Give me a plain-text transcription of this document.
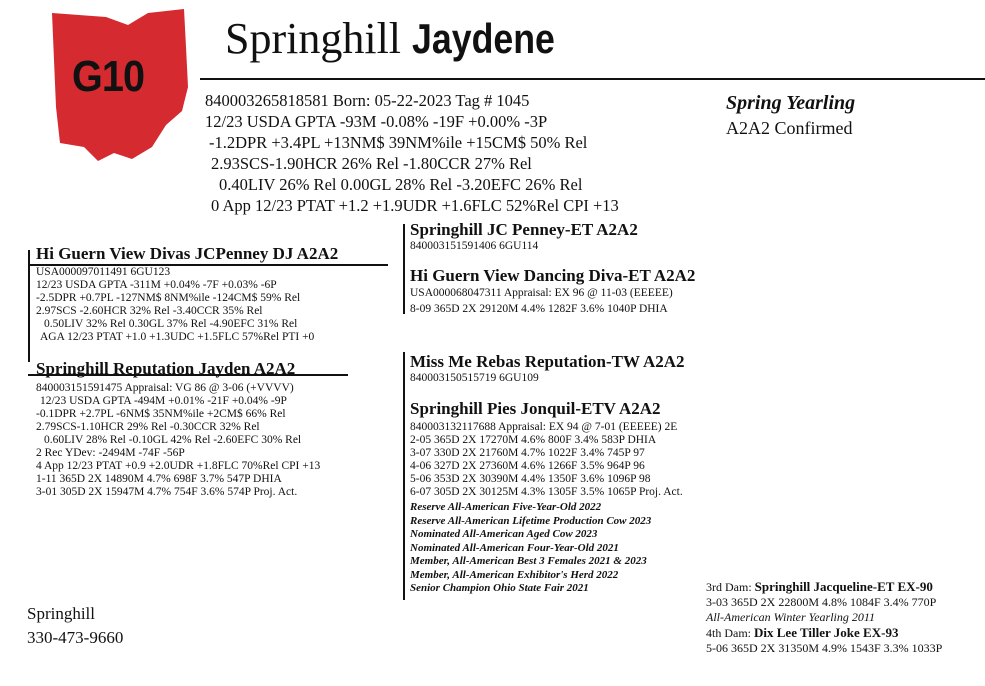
G10
Springhill Jaydene
840003265818581 Born: 05-22-2023 Tag # 1045
12/23 USDA GPTA -93M -0.08% -19F +0.00% -3P
-1.2DPR +3.4PL +13NM$ 39NM%ile +15CM$ 50% Rel
2.93SCS-1.90HCR 26% Rel -1.80CCR 27% Rel
0.40LIV 26% Rel 0.00GL 28% Rel -3.20EFC 26% Rel
0 App 12/23 PTAT +1.2 +1.9UDR +1.6FLC 52%Rel CPI +13
Spring Yearling
A2A2 Confirmed
Hi Guern View Divas JCPenney DJ A2A2
USA000097011491 6GU123
12/23 USDA GPTA -311M +0.04% -7F +0.03% -6P
-2.5DPR +0.7PL -127NM$ 8NM%ile -124CM$ 59% Rel
2.97SCS -2.60HCR 32% Rel -3.40CCR 35% Rel
0.50LIV 32% Rel 0.30GL 37% Rel -4.90EFC 31% Rel
AGA 12/23 PTAT +1.0 +1.3UDC +1.5FLC 57%Rel PTI +0
Springhill JC Penney-ET A2A2
840003151591406 6GU114
Hi Guern View Dancing Diva-ET A2A2
USA000068047311 Appraisal: EX 96 @ 11-03 (EEEEE)
8-09 365D 2X 29120M 4.4% 1282F 3.6% 1040P DHIA
Springhill Reputation Jayden A2A2
840003151591475 Appraisal: VG 86 @ 3-06 (+VVVV)
12/23 USDA GPTA -494M +0.01% -21F +0.04% -9P
-0.1DPR +2.7PL -6NM$ 35NM%ile +2CM$ 66% Rel
2.79SCS-1.10HCR 29% Rel -0.30CCR 32% Rel
0.60LIV 28% Rel -0.10GL 42% Rel -2.60EFC 30% Rel
2 Rec YDev: -2494M -74F -56P
4 App 12/23 PTAT +0.9 +2.0UDR +1.8FLC 70%Rel CPI +13
1-11 365D 2X 14890M 4.7% 698F 3.7% 547P DHIA
3-01 305D 2X 15947M 4.7% 754F 3.6% 574P Proj. Act.
Miss Me Rebas Reputation-TW A2A2
840003150515719 6GU109
Springhill Pies Jonquil-ETV A2A2
840003132117688 Appraisal: EX 94 @ 7-01 (EEEEE) 2E
2-05 365D 2X 17270M 4.6% 800F 3.4% 583P DHIA
3-07 330D 2X 21760M 4.7% 1022F 3.4% 745P 97
4-06 327D 2X 27360M 4.6% 1266F 3.5% 964P 96
5-06 353D 2X 30390M 4.4% 1350F 3.6% 1096P 98
6-07 305D 2X 30125M 4.3% 1305F 3.5% 1065P Proj. Act.
Reserve All-American Five-Year-Old 2022
Reserve All-American Lifetime Production Cow 2023
Nominated All-American Aged Cow 2023
Nominated All-American Four-Year-Old 2021
Member, All-American Best 3 Females 2021 & 2023
Member, All-American Exhibitor's Herd 2022
Senior Champion Ohio State Fair 2021	3rd Dam: Springhill Jacqueline-ET EX-90
3-03 365D 2X 22800M 4.8% 1084F 3.4% 770P
All-American Winter Yearling 2011
4th Dam: Dix Lee Tiller Joke EX-93
5-06 365D 2X 31350M 4.9% 1543F 3.3% 1033P
Springhill
330-473-9660
